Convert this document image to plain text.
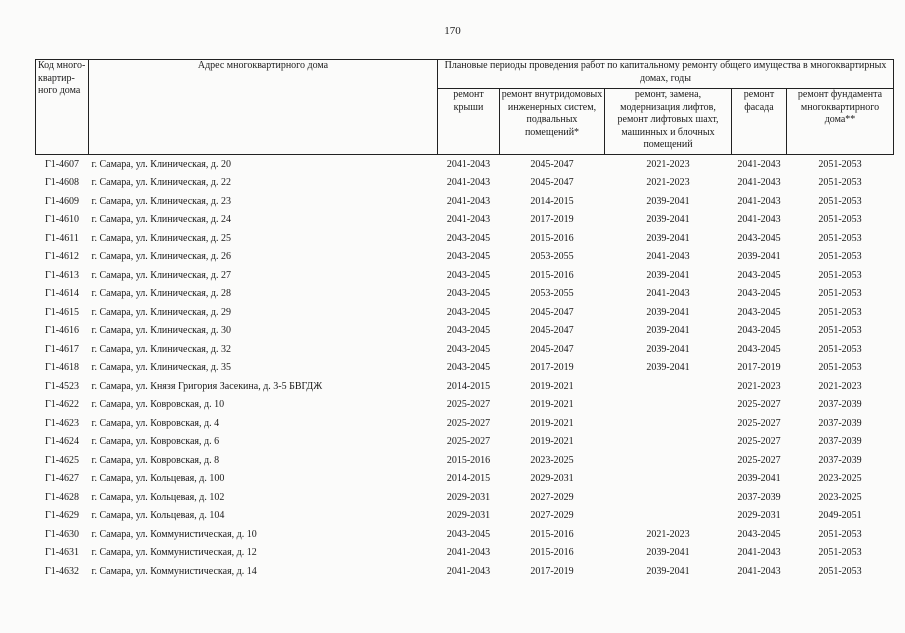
170
Код много-квартир-ного дома	Адрес многоквартирного дома	Плановые периоды проведения работ по капитальному ремонту общего имущества в многоквартирных домах, годы				
		ремонт крыши	ремонт внутридомовых инженерных систем, подвальных помещений*	ремонт, замена, модернизация лифтов, ремонт лифтовых шахт, машинных и блочных помещений	ремонт фасада	ремонт фундамента многоквартирного дома**
Г1-4607	г. Самара, ул. Клиническая, д. 20	2041-2043	2045-2047	2021-2023	2041-2043	2051-2053
Г1-4608	г. Самара, ул. Клиническая, д. 22	2041-2043	2045-2047	2021-2023	2041-2043	2051-2053
Г1-4609	г. Самара, ул. Клиническая, д. 23	2041-2043	2014-2015	2039-2041	2041-2043	2051-2053
Г1-4610	г. Самара, ул. Клиническая, д. 24	2041-2043	2017-2019	2039-2041	2041-2043	2051-2053
Г1-4611	г. Самара, ул. Клиническая, д. 25	2043-2045	2015-2016	2039-2041	2043-2045	2051-2053
Г1-4612	г. Самара, ул. Клиническая, д. 26	2043-2045	2053-2055	2041-2043	2039-2041	2051-2053
Г1-4613	г. Самара, ул. Клиническая, д. 27	2043-2045	2015-2016	2039-2041	2043-2045	2051-2053
Г1-4614	г. Самара, ул. Клиническая, д. 28	2043-2045	2053-2055	2041-2043	2043-2045	2051-2053
Г1-4615	г. Самара, ул. Клиническая, д. 29	2043-2045	2045-2047	2039-2041	2043-2045	2051-2053
Г1-4616	г. Самара, ул. Клиническая, д. 30	2043-2045	2045-2047	2039-2041	2043-2045	2051-2053
Г1-4617	г. Самара, ул. Клиническая, д. 32	2043-2045	2045-2047	2039-2041	2043-2045	2051-2053
Г1-4618	г. Самара, ул. Клиническая, д. 35	2043-2045	2017-2019	2039-2041	2017-2019	2051-2053
Г1-4523	г. Самара, ул. Князя Григория Засекина, д. 3-5 БВГДЖ	2014-2015	2019-2021		2021-2023	2021-2023
Г1-4622	г. Самара, ул. Ковровская, д. 10	2025-2027	2019-2021		2025-2027	2037-2039
Г1-4623	г. Самара, ул. Ковровская, д. 4	2025-2027	2019-2021		2025-2027	2037-2039
Г1-4624	г. Самара, ул. Ковровская, д. 6	2025-2027	2019-2021		2025-2027	2037-2039
Г1-4625	г. Самара, ул. Ковровская, д. 8	2015-2016	2023-2025		2025-2027	2037-2039
Г1-4627	г. Самара, ул. Кольцевая, д. 100	2014-2015	2029-2031		2039-2041	2023-2025
Г1-4628	г. Самара, ул. Кольцевая, д. 102	2029-2031	2027-2029		2037-2039	2023-2025
Г1-4629	г. Самара, ул. Кольцевая, д. 104	2029-2031	2027-2029		2029-2031	2049-2051
Г1-4630	г. Самара, ул. Коммунистическая, д. 10	2043-2045	2015-2016	2021-2023	2043-2045	2051-2053
Г1-4631	г. Самара, ул. Коммунистическая, д. 12	2041-2043	2015-2016	2039-2041	2041-2043	2051-2053
Г1-4632	г. Самара, ул. Коммунистическая, д. 14	2041-2043	2017-2019	2039-2041	2041-2043	2051-2053
